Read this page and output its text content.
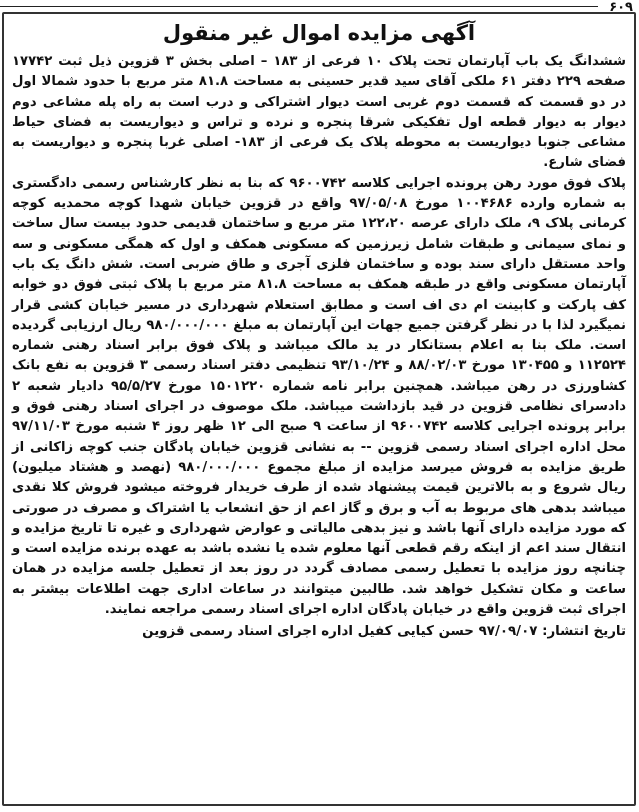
۶۰۹
آگهی مزایده اموال غیر منقول

ششدانگ یک باب آپارتمان تحت پلاک ۱۰ فرعی از ۱۸۳ – اصلی بخش ۳ قزوین ذیل ثبت ۱۷۷۴۲ صفحه ۲۲۹ دفتر ۶۱ ملکی آقای سید قدیر حسینی به مساحت ۸۱.۸ متر مربع با حدود شمالا اول در دو قسمت که قسمت دوم غربی است دیوار اشتراکی و درب است به راه پله مشاعی دوم دیوار به دیوار قطعه اول تفکیکی شرقا پنجره و نرده و تراس و دیواریست به فضای حیاط مشاعی جنوبا دیواریست به محوطه پلاک یک فرعی از ۱۸۳- اصلی غربا پنجره و دیواریست به فضای شارع.

پلاک فوق مورد رهن پرونده اجرایی کلاسه ۹۶۰۰۷۴۲ که بنا به نظر کارشناس رسمی دادگستری به شماره وارده ۱۰۰۴۶۸۶ مورخ ۹۷/۰۵/۰۸ واقع در قزوین خیابان شهدا کوچه محمدیه کوچه کرمانی پلاک ۹، ملک دارای عرصه ۱۲۲،۲۰ متر مربع و ساختمان قدیمی حدود بیست سال ساخت و نمای سیمانی و طبقات شامل زیرزمین که مسکونی همکف و اول که همگی مسکونی و سه واحد مستقل دارای سند بوده و ساختمان فلزی آجری و طاق ضربی است. شش دانگ یک باب آپارتمان مسکونی واقع در طبقه همکف به مساحت ۸۱.۸ متر مربع با پلاک ثبتی فوق دو خوابه کف پارکت و کابینت ام دی اف است و مطابق استعلام شهرداری در مسیر خیابان کشی قرار نمیگیرد لذا با در نظر گرفتن جمیع جهات این آپارتمان به مبلغ ۹۸۰/۰۰۰/۰۰۰ ریال ارزیابی گردیده است. ملک بنا به اعلام بستانکار در ید مالک میباشد و پلاک فوق برابر اسناد رهنی شماره ۱۱۲۵۲۴ و ۱۳۰۴۵۵ مورخ ۸۸/۰۲/۰۳ و ۹۳/۱۰/۲۴ تنظیمی دفتر اسناد رسمی ۳ قزوین به نفع بانک کشاورزی در رهن میباشد. همچنین برابر نامه شماره ۱۵۰۱۲۲۰ مورخ ۹۵/۵/۲۷ دادیار شعبه ۲ دادسرای نظامی قزوین در قید بازداشت میباشد. ملک موصوف در اجرای اسناد رهنی فوق و برابر پرونده اجرایی کلاسه ۹۶۰۰۷۴۲ از ساعت ۹ صبح الی ۱۲ ظهر روز ۴ شنبه مورخ ۹۷/۱۱/۰۳ محل اداره اجرای اسناد رسمی قزوین -- به نشانی قزوین خیابان پادگان جنب کوچه زاکانی از طریق مزایده به فروش میرسد مزایده از مبلغ مجموع ۹۸۰/۰۰۰/۰۰۰ (نهصد و هشتاد میلیون) ریال شروع و به بالاترین قیمت پیشنهاد شده از طرف خریدار فروخته میشود فروش کلا نقدی میباشد بدهی های مربوط به آب و برق و گاز اعم از حق انشعاب یا اشتراک و مصرف در صورتی که مورد مزایده دارای آنها باشد و نیز بدهی مالیاتی و عوارض شهرداری و غیره تا تاریخ مزایده و انتقال سند اعم از اینکه رقم قطعی آنها معلوم شده یا نشده باشد به عهده برنده مزایده است و چنانچه روز مزایده با تعطیل رسمی مصادف گردد در روز بعد از تعطیل جلسه مزایده در همان ساعت و مکان تشکیل خواهد شد. طالبین میتوانند در ساعات اداری جهت اطلاعات بیشتر به اجرای ثبت قزوین واقع در خیابان پادگان اداره اجرای اسناد رسمی مراجعه نمایند.

تاریخ انتشار: ۹۷/۰۹/۰۷ حسن کیایی کفیل اداره اجرای اسناد رسمی قزوین
